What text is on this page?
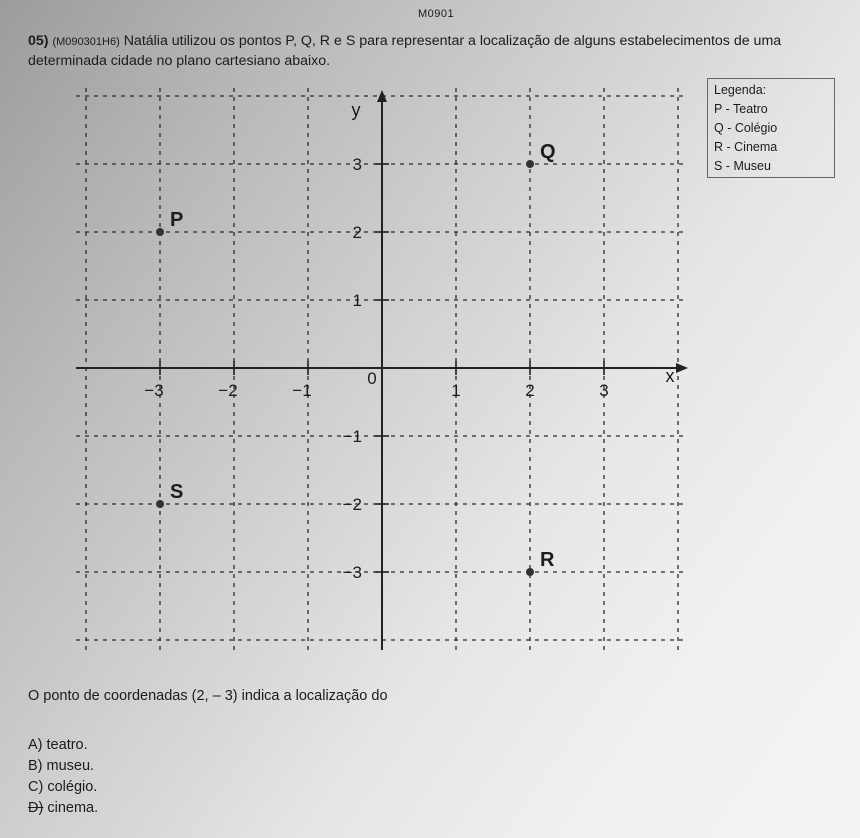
M0901
05) (M090301H6) Natália utilizou os pontos P, Q, R e S para representar a localização de alguns estabelecimentos de uma determinada cidade no plano cartesiano abaixo.
−3	−2	−1	1	2	3
3
2
1
−1
−2
−3
0	x
y
P
Q
R
S
Legenda:
P - Teatro
Q - Colégio
R - Cinema
S - Museu
O ponto de coordenadas (2, – 3) indica a localização do
A) teatro.
B) museu.
C) colégio.
D) cinema.
